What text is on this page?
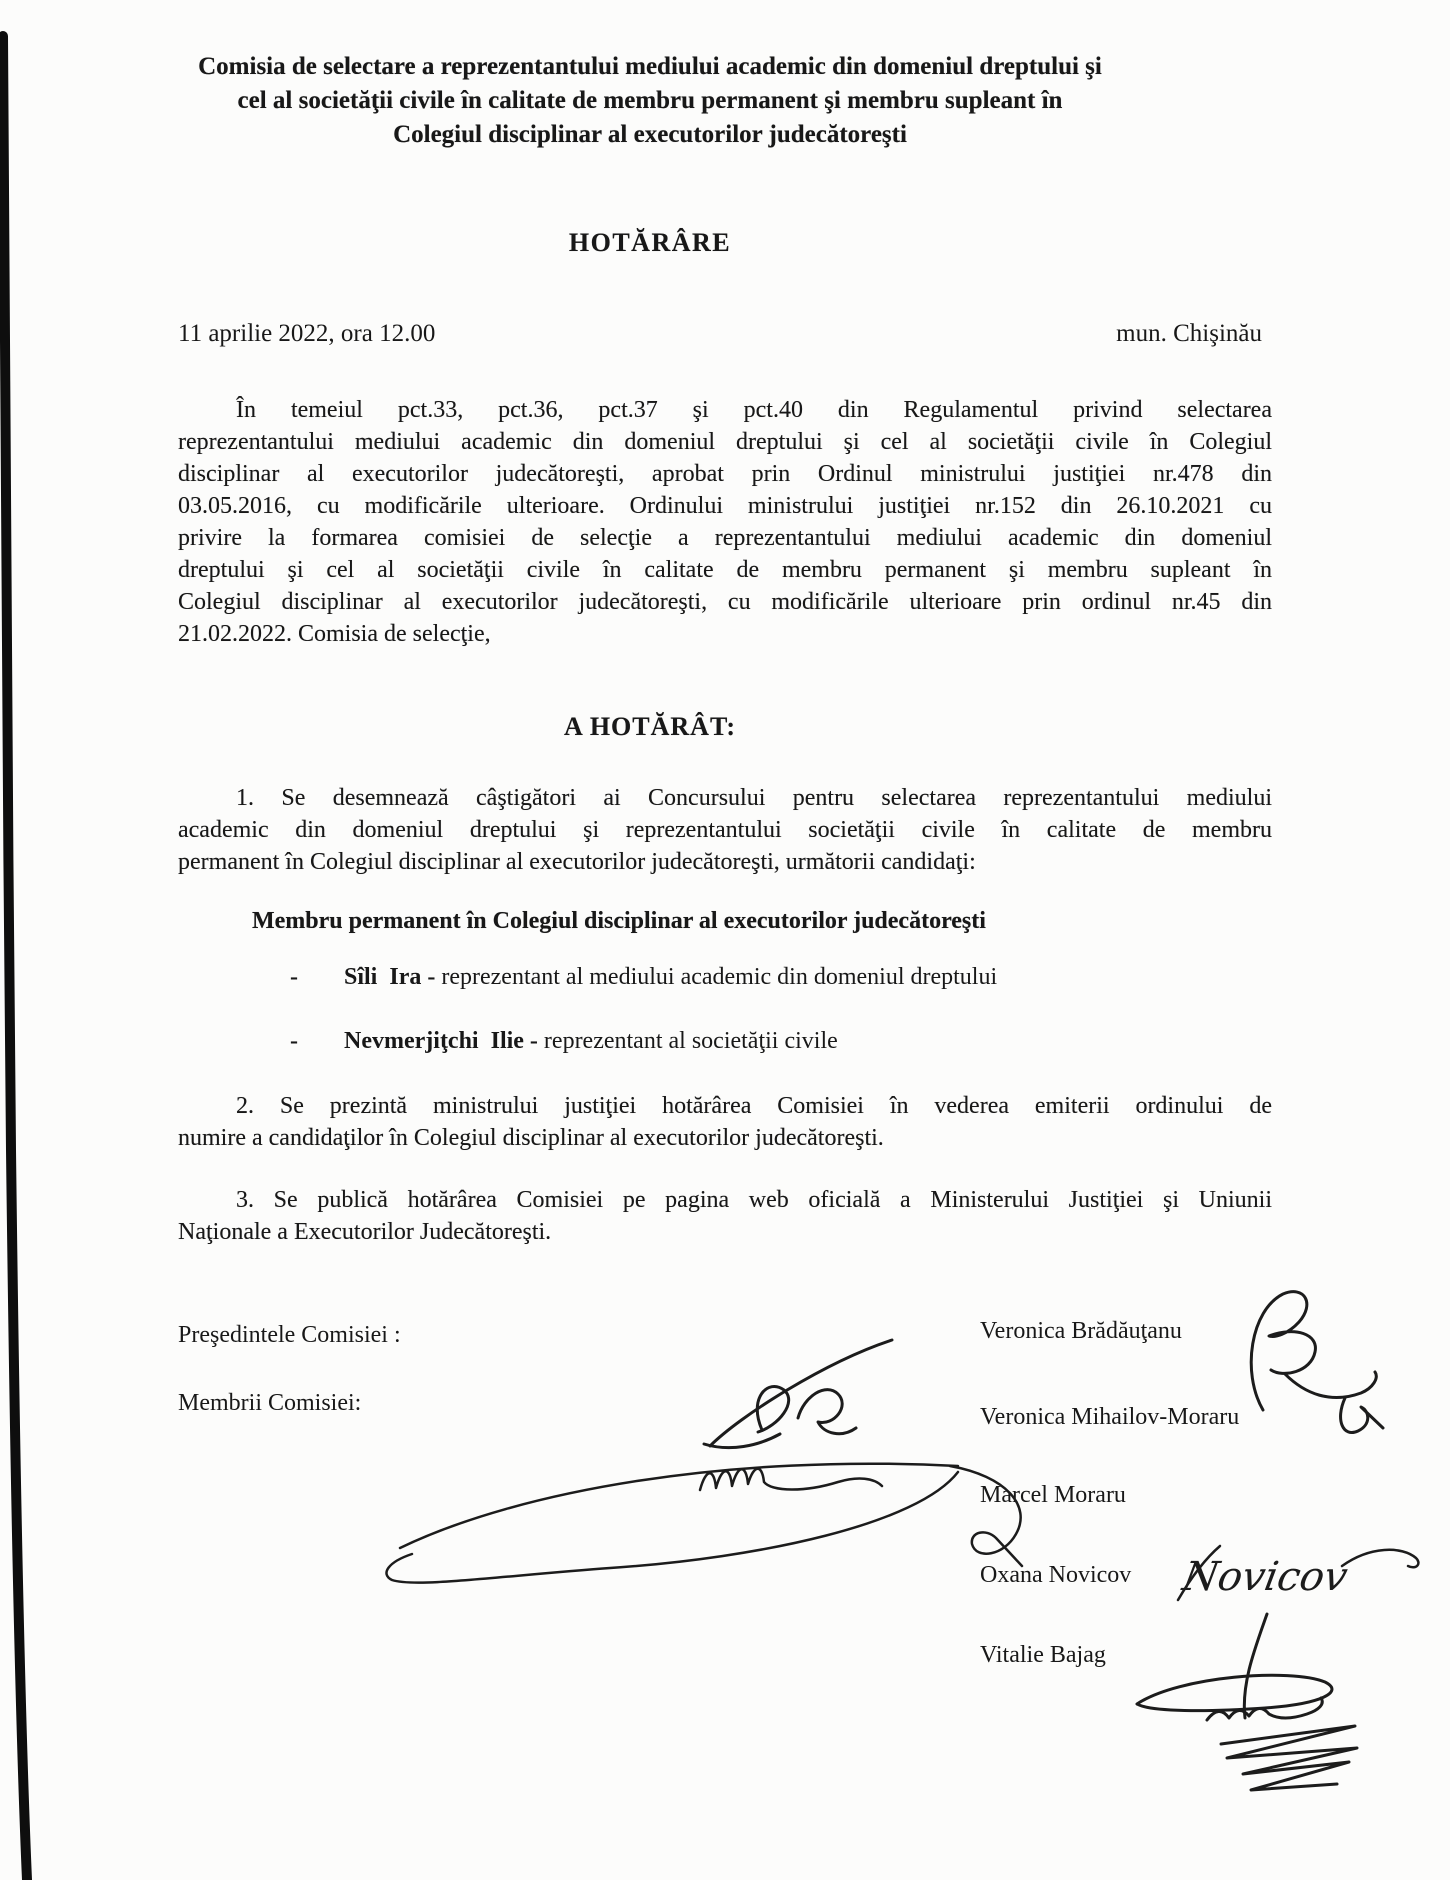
Comisia de selectare a reprezentantului mediului academic din domeniul dreptului şi
cel al societăţii civile în calitate de membru permanent şi membru supleant în
Colegiul disciplinar al executorilor judecătoreşti
HOTĂRÂRE
11 aprilie 2022, ora 12.00	mun. Chişinău
În temeiul pct.33, pct.36, pct.37 şi pct.40 din Regulamentul privind selectarea
reprezentantului mediului academic din domeniul dreptului şi cel al societăţii civile în Colegiul
disciplinar al executorilor judecătoreşti, aprobat prin Ordinul ministrului justiţiei nr.478 din
03.05.2016, cu modificările ulterioare. Ordinului ministrului justiţiei nr.152 din 26.10.2021 cu
privire la formarea comisiei de selecţie a reprezentantului mediului academic din domeniul
dreptului şi cel al societăţii civile în calitate de membru permanent şi membru supleant în
Colegiul disciplinar al executorilor judecătoreşti, cu modificările ulterioare prin ordinul nr.45 din
21.02.2022. Comisia de selecţie,
A HOTĂRÂT:
1. Se desemnează câştigători ai Concursului pentru selectarea reprezentantului mediului
academic din domeniul dreptului şi reprezentantului societăţii civile în calitate de membru
permanent în Colegiul disciplinar al executorilor judecătoreşti, următorii candidaţi:
Membru permanent în Colegiul disciplinar al executorilor judecătoreşti
- Sîli  Ira - reprezentant al mediului academic din domeniul dreptului
- Nevmerjiţchi  Ilie - reprezentant al societăţii civile
2. Se prezintă ministrului justiţiei hotărârea Comisiei în vederea emiterii ordinului de
numire a candidaţilor în Colegiul disciplinar al executorilor judecătoreşti.
3. Se publică hotărârea Comisiei pe pagina web oficială a Ministerului Justiţiei şi Uniunii
Naţionale a Executorilor Judecătoreşti.
Preşedintele Comisiei :
Membrii Comisiei:
Veronica Brădăuţanu
Veronica Mihailov-Moraru
Marcel Moraru
Oxana Novicov
Vitalie Bajag
Novicov
